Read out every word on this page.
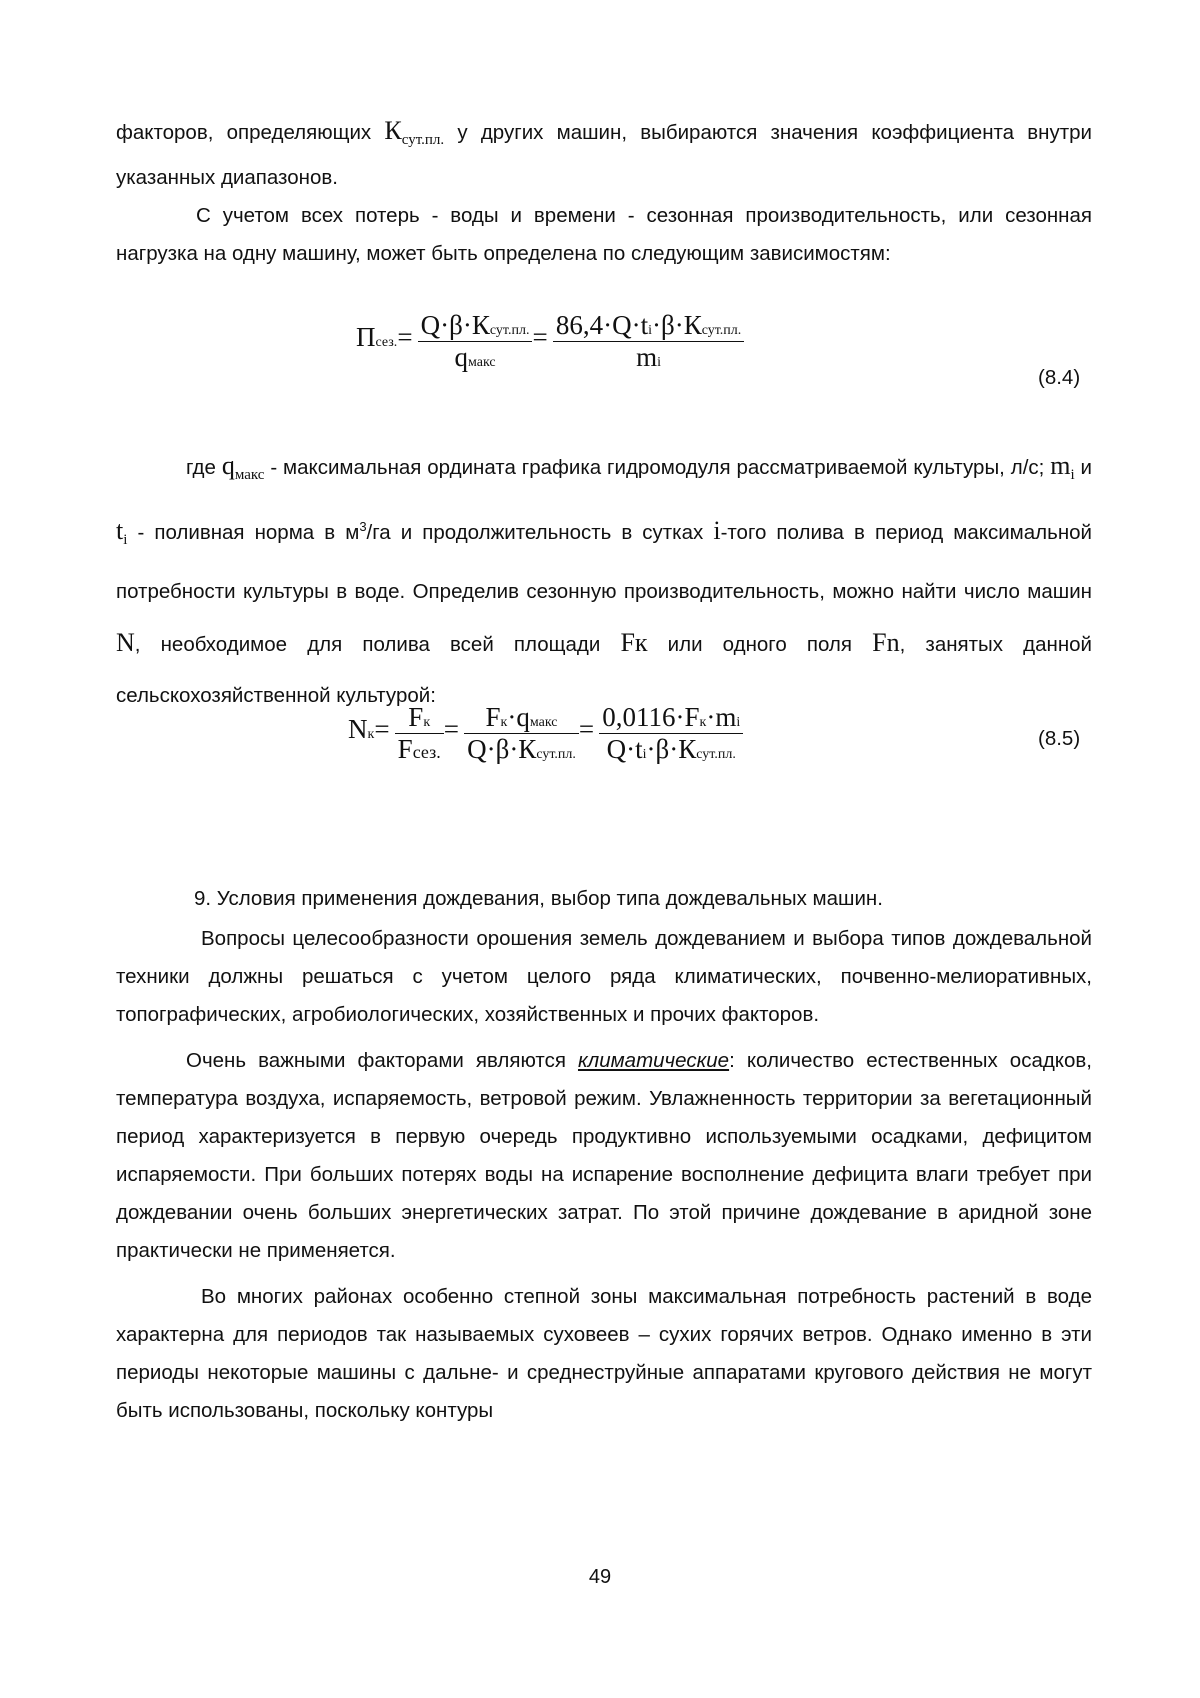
факторов, определяющих Ксут.пл. у других машин, выбираются значения коэффициента внутри указанных диапазонов.

С учетом всех потерь - воды и времени - сезонная производительность, или сезонная нагрузка на одну машину, может быть определена по следующим зависимостям:

Псез.= Q·β·Ксут.пл.
qмакс
= 86,4·Q·ti·β·Ксут.пл.
mi
(8.4)

где qмакс - максимальная ордината графика гидромодуля рассматриваемой культуры, л/с; mi и ti - поливная норма в м3/га и продолжительность в сутках i-того полива в период максимальной потребности культуры в воде. Определив сезонную производительность, можно найти число машин N, необходимое для полива всей площади Fк или одного поля Fn, занятых данной сельскохозяйственной культурой:

Nк= Fк
Fсез.
= Fк·qмакс
Q·β·Ксут.пл.
= 0,0116·Fк·mi
Q·ti·β·Ксут.пл.
(8.5)

9. Условия применения дождевания, выбор типа дождевальных машин.

Вопросы целесообразности орошения земель дождеванием и выбора типов дождевальной техники должны решаться с учетом целого ряда климатических, почвенно-мелиоративных, топографических, агробиологических, хозяйственных и прочих факторов.

Очень важными факторами являются климатические: количество естественных осадков, температура воздуха, испаряемость, ветровой режим. Увлажненность территории за вегетационный период характеризуется в первую очередь продуктивно используемыми осадками, дефицитом испаряемости. При больших потерях воды на испарение восполнение дефицита влаги требует при дождевании очень больших энергетических затрат. По этой причине дождевание в аридной зоне практически не применяется.

Во многих районах особенно степной зоны максимальная потребность растений в воде характерна для периодов так называемых суховеев – сухих горячих ветров. Однако именно в эти периоды некоторые машины с дальне- и среднеструйные аппаратами кругового действия не могут быть использованы, поскольку контуры

49
